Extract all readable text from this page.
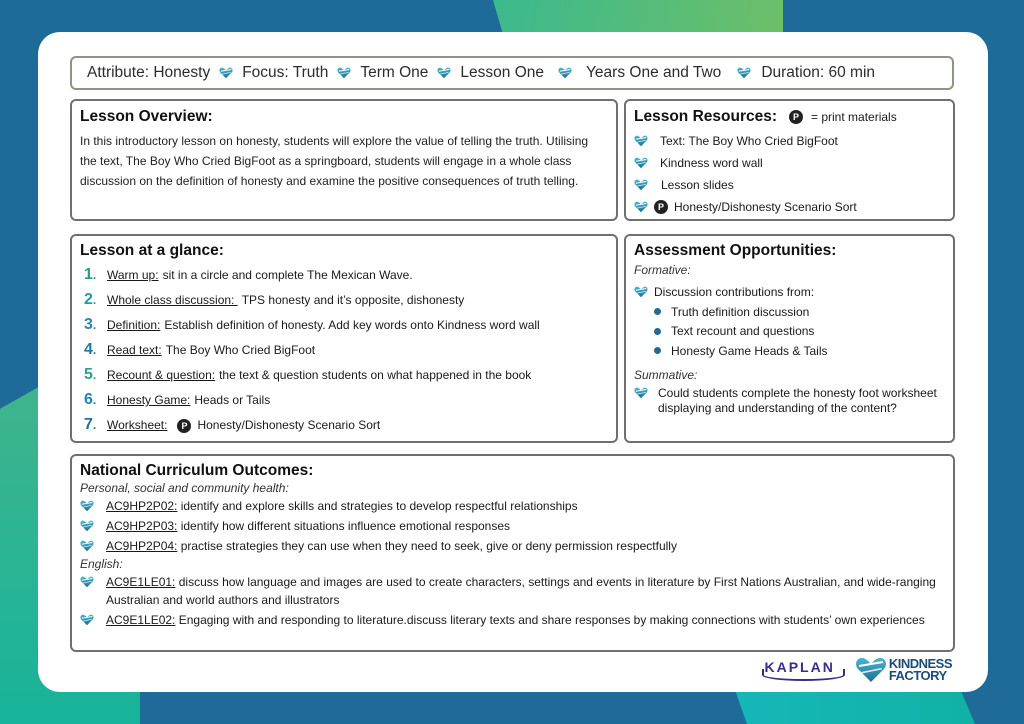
Attribute: Honesty Focus: Truth Term One Lesson One	Years One and Two	Duration: 60 min
Lesson Overview:

In this introductory lesson on honesty, students will explore the value of telling the truth. Utilising the text, The Boy Who Cried BigFoot as a springboard, students will engage in a whole class discussion on the definition of honesty and examine the positive consequences of truth telling.

Lesson Resources:	P	= print materials
Text: The Boy Who Cried BigFoot
Kindness word wall
Lesson slides
P Honesty/Dishonesty Scenario Sort
Lesson at a glance:
1. Warm up: sit in a circle and complete The Mexican Wave.
2. Whole class discussion: TPS honesty and it’s opposite, dishonesty
3. Definition: Establish definition of honesty. Add key words onto Kindness word wall
4. Read text: The Boy Who Cried BigFoot
5. Recount & question: the text & question students on what happened in the book
6. Honesty Game: Heads or Tails
7. Worksheet:	P Honesty/Dishonesty Scenario Sort
Assessment Opportunities:
Formative:
Discussion contributions from:
Truth definition discussion
Text recount and questions
Honesty Game Heads & Tails
Summative:
Could students complete the honesty foot worksheet displaying and understanding of the content?
National Curriculum Outcomes:
Personal, social and community health:
AC9HP2P02: identify and explore skills and strategies to develop respectful relationships
AC9HP2P03: identify how different situations influence emotional responses
AC9HP2P04: practise strategies they can use when they need to seek, give or deny permission respectfully
English:
AC9E1LE01: discuss how language and images are used to create characters, settings and events in literature by First Nations Australian, and wide-ranging Australian and world authors and illustrators
AC9E1LE02: Engaging with and responding to literature.discuss literary texts and share responses by making connections with students’ own experiences
KAPLAN	KINDNESS
FACTORY
